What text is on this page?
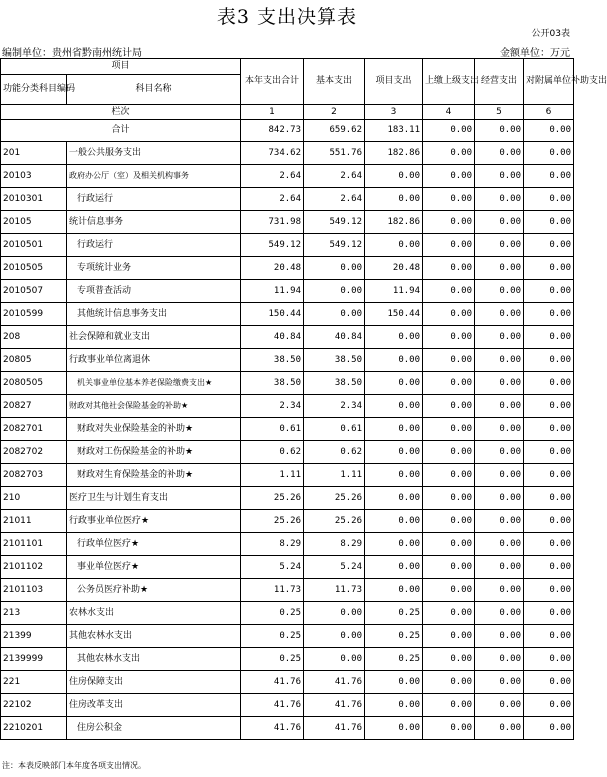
表3 支出决算表
公开03表
编制单位：贵州省黔南州统计局	金额单位：万元
项目		本年支出合计	基本支出	项目支出	上缴上级支出	经营支出	对附属单位补助支出
功能分类科目编码	科目名称						
栏次		1	2	3	4	5	6
合计		842.73	659.62	183.11	0.00	0.00	0.00
201	一般公共服务支出	734.62	551.76	182.86	0.00	0.00	0.00
20103	政府办公厅（室）及相关机构事务	2.64	2.64	0.00	0.00	0.00	0.00
2010301	行政运行	2.64	2.64	0.00	0.00	0.00	0.00
20105	统计信息事务	731.98	549.12	182.86	0.00	0.00	0.00
2010501	行政运行	549.12	549.12	0.00	0.00	0.00	0.00
2010505	专项统计业务	20.48	0.00	20.48	0.00	0.00	0.00
2010507	专项普查活动	11.94	0.00	11.94	0.00	0.00	0.00
2010599	其他统计信息事务支出	150.44	0.00	150.44	0.00	0.00	0.00
208	社会保障和就业支出	40.84	40.84	0.00	0.00	0.00	0.00
20805	行政事业单位离退休	38.50	38.50	0.00	0.00	0.00	0.00
2080505	机关事业单位基本养老保险缴费支出★	38.50	38.50	0.00	0.00	0.00	0.00
20827	财政对其他社会保险基金的补助★	2.34	2.34	0.00	0.00	0.00	0.00
2082701	财政对失业保险基金的补助★	0.61	0.61	0.00	0.00	0.00	0.00
2082702	财政对工伤保险基金的补助★	0.62	0.62	0.00	0.00	0.00	0.00
2082703	财政对生育保险基金的补助★	1.11	1.11	0.00	0.00	0.00	0.00
210	医疗卫生与计划生育支出	25.26	25.26	0.00	0.00	0.00	0.00
21011	行政事业单位医疗★	25.26	25.26	0.00	0.00	0.00	0.00
2101101	行政单位医疗★	8.29	8.29	0.00	0.00	0.00	0.00
2101102	事业单位医疗★	5.24	5.24	0.00	0.00	0.00	0.00
2101103	公务员医疗补助★	11.73	11.73	0.00	0.00	0.00	0.00
213	农林水支出	0.25	0.00	0.25	0.00	0.00	0.00
21399	其他农林水支出	0.25	0.00	0.25	0.00	0.00	0.00
2139999	其他农林水支出	0.25	0.00	0.25	0.00	0.00	0.00
221	住房保障支出	41.76	41.76	0.00	0.00	0.00	0.00
22102	住房改革支出	41.76	41.76	0.00	0.00	0.00	0.00
2210201	住房公积金	41.76	41.76	0.00	0.00	0.00	0.00
注：本表反映部门本年度各项支出情况。
